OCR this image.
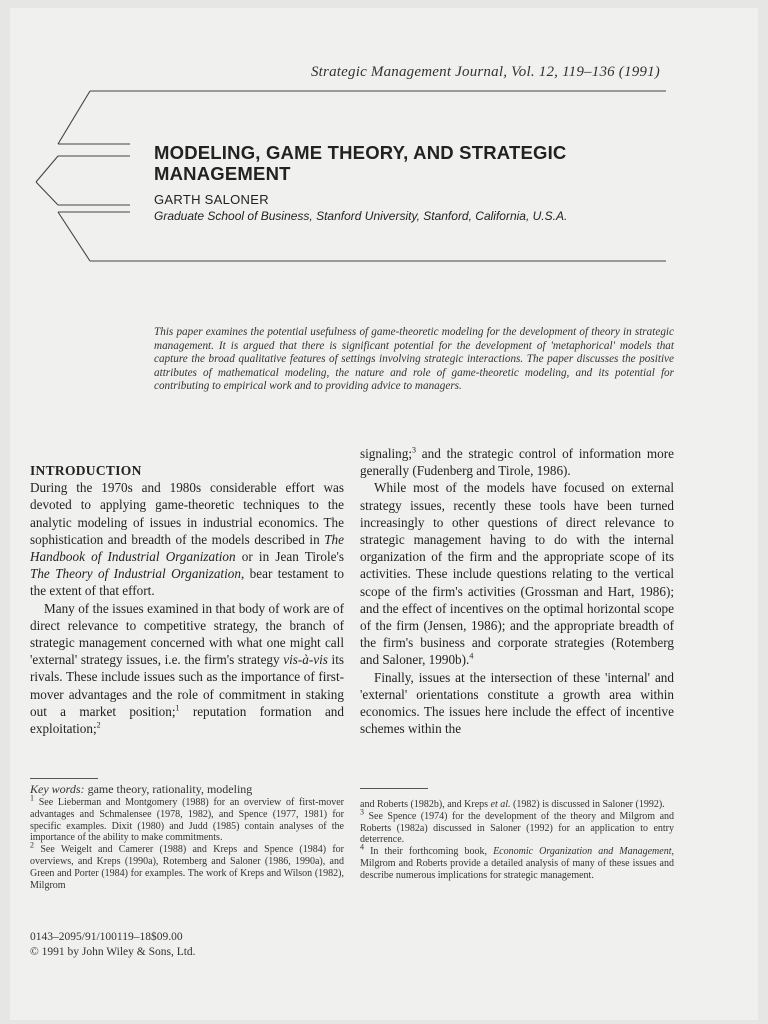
Strategic Management Journal, Vol. 12, 119–136 (1991)
MODELING, GAME THEORY, AND STRATEGIC MANAGEMENT
GARTH SALONER
Graduate School of Business, Stanford University, Stanford, California, U.S.A.
This paper examines the potential usefulness of game-theoretic modeling for the development of theory in strategic management. It is argued that there is significant potential for the development of 'metaphorical' models that capture the broad qualitative features of settings involving strategic interactions. The paper discusses the positive attributes of mathematical modeling, the nature and role of game-theoretic modeling, and its potential for contributing to empirical work and to providing advice to managers.

INTRODUCTION

During the 1970s and 1980s considerable effort was devoted to applying game-theoretic techniques to the analytic modeling of issues in industrial economics. The sophistication and breadth of the models described in The Handbook of Industrial Organization or in Jean Tirole's The Theory of Industrial Organization, bear testament to the extent of that effort.

Many of the issues examined in that body of work are of direct relevance to competitive strategy, the branch of strategic management concerned with what one might call 'external' strategy issues, i.e. the firm's strategy vis-à-vis its rivals. These include issues such as the importance of first-mover advantages and the role of commitment in staking out a market position;$^1$ reputation formation and exploitation;$^2$

signaling;$^3$ and the strategic control of information more generally (Fudenberg and Tirole, 1986).

While most of the models have focused on external strategy issues, recently these tools have been turned increasingly to other questions of direct relevance to strategic management having to do with the internal organization of the firm and the appropriate scope of its activities. These include questions relating to the vertical scope of the firm's activities (Grossman and Hart, 1986); and the effect of incentives on the optimal horizontal scope of the firm (Jensen, 1986); and the appropriate breadth of the firm's business and corporate strategies (Rotemberg and Saloner, 1990b).$^4$

Finally, issues at the intersection of these 'internal' and 'external' orientations constitute a growth area within economics. The issues here include the effect of incentive schemes within the

Key words: game theory, rationality, modeling

$^1$ See Lieberman and Montgomery (1988) for an overview of first-mover advantages and Schmalensee (1978, 1982), and Spence (1977, 1981) for specific examples. Dixit (1980) and Judd (1985) contain analyses of the importance of the ability to make commitments.

$^2$ See Weigelt and Camerer (1988) and Kreps and Spence (1984) for overviews, and Kreps (1990a), Rotemberg and Saloner (1986, 1990a), and Green and Porter (1984) for examples. The work of Kreps and Wilson (1982), Milgrom

and Roberts (1982b), and Kreps et al. (1982) is discussed in Saloner (1992).

$^3$ See Spence (1974) for the development of the theory and Milgrom and Roberts (1982a) discussed in Saloner (1992) for an application to entry deterrence.

$^4$ In their forthcoming book, Economic Organization and Management, Milgrom and Roberts provide a detailed analysis of many of these issues and describe numerous implications for strategic management.

0143–2095/91/100119–18$09.00
© 1991 by John Wiley & Sons, Ltd.
